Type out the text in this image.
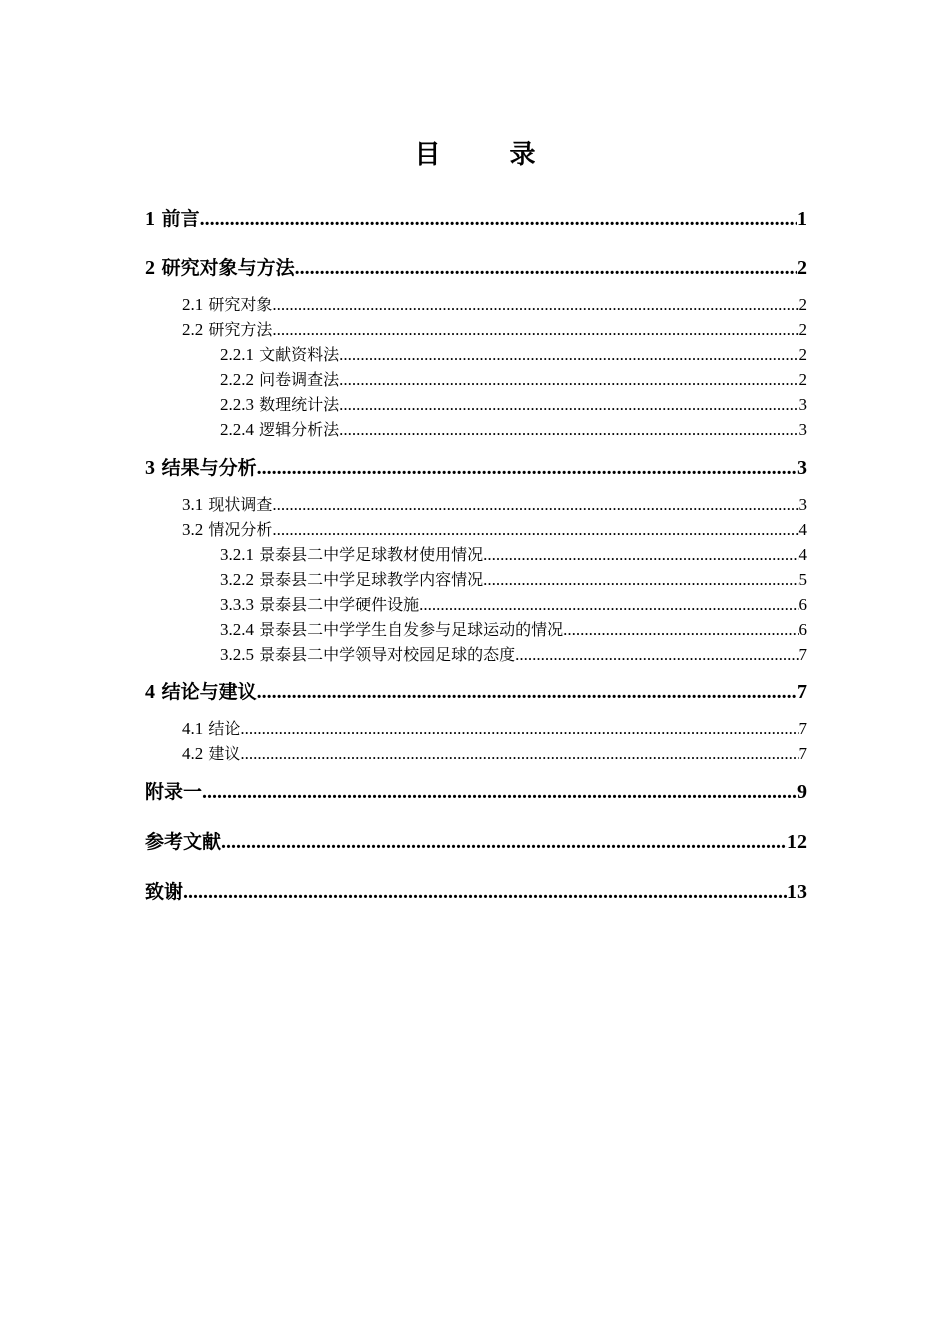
目 录
1 前言 .....	1
2 研究对象与方法 .....	2
2.1 研究对象 .....	2
2.2 研究方法 .....	2
2.2.1 文献资料法 .....	2
2.2.2 问卷调查法 .....	2
2.2.3 数理统计法 .....	3
2.2.4 逻辑分析法 .....	3
3 结果与分析 .....	3
3.1 现状调查 .....	3
3.2 情况分析 .....	4
3.2.1 景泰县二中学足球教材使用情况 .....	4
3.2.2 景泰县二中学足球教学内容情况 .....	5
3.3.3 景泰县二中学硬件设施 .....	6
3.2.4 景泰县二中学学生自发参与足球运动的情况 .....	6
3.2.5 景泰县二中学领导对校园足球的态度 .....	7
4 结论与建议 .....	7
4.1 结论 .....	7
4.2 建议 .....	7
附录一 .....	9
参考文献 .....	12
致谢 .....	13
